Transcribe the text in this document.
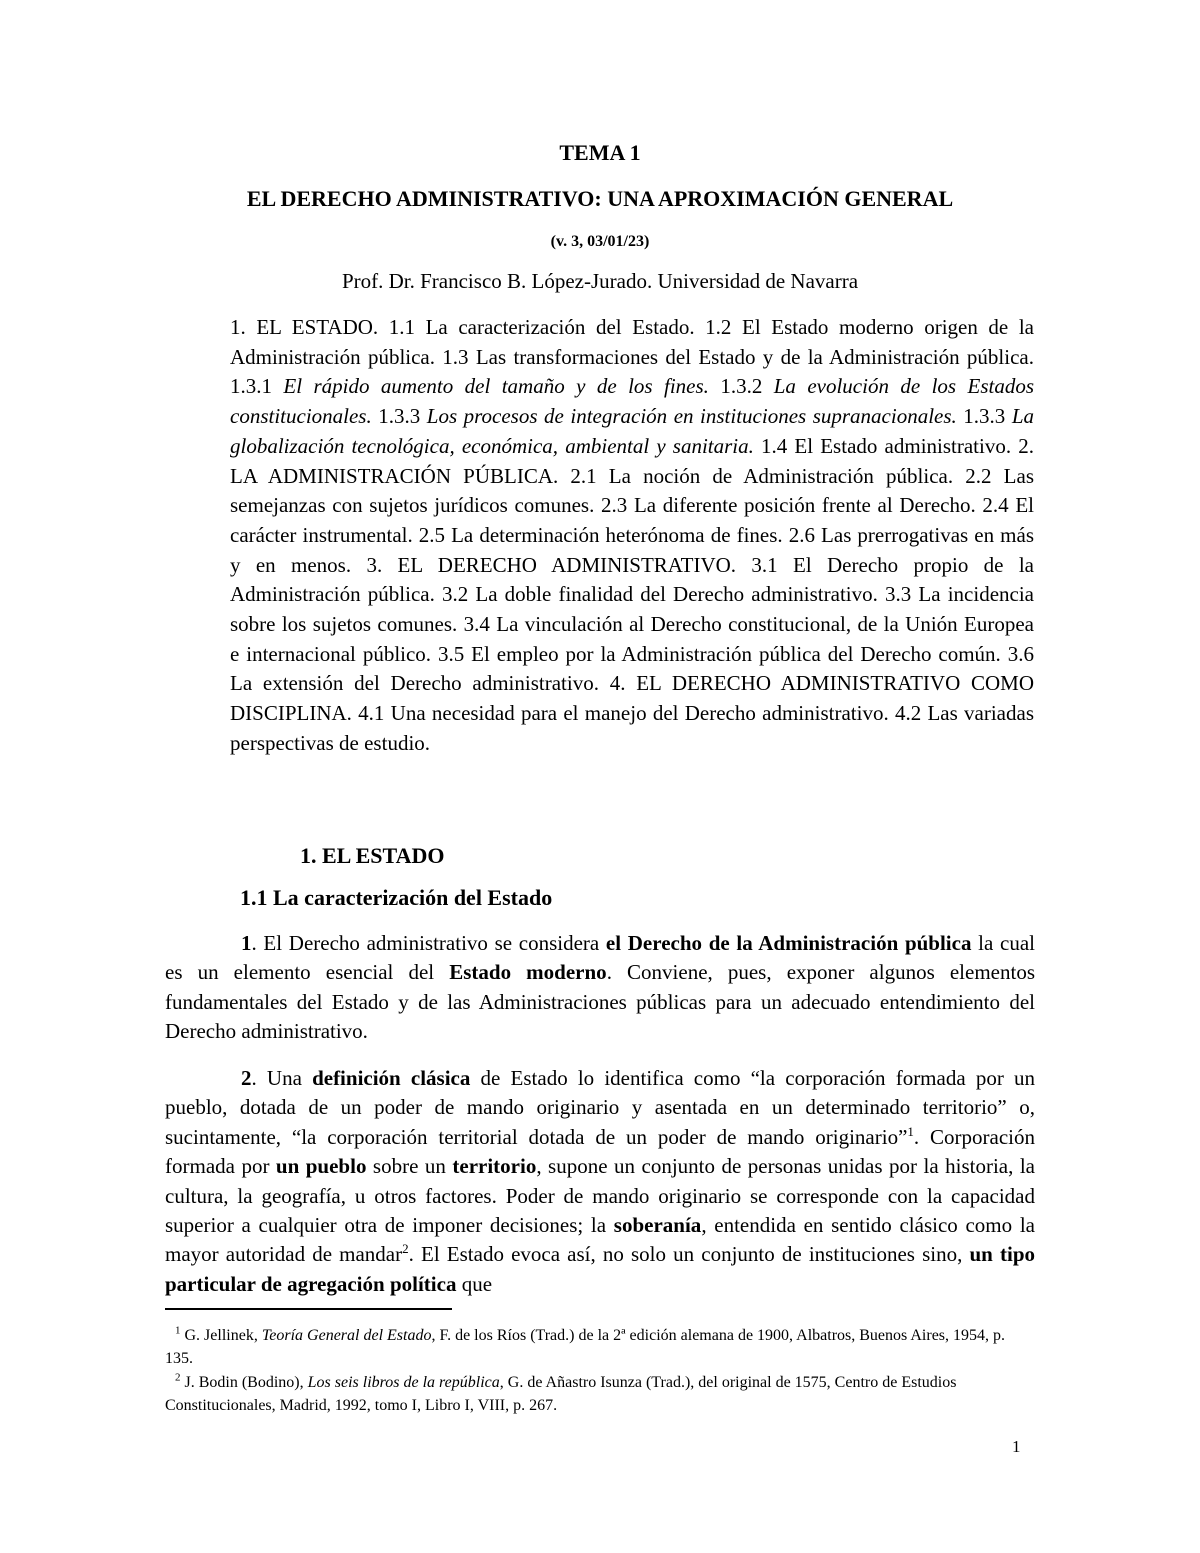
TEMA 1

EL DERECHO ADMINISTRATIVO: UNA APROXIMACIÓN GENERAL

(v. 3, 03/01/23)

Prof. Dr. Francisco B. López-Jurado. Universidad de Navarra

1. EL ESTADO. 1.1 La caracterización del Estado. 1.2 El Estado moderno origen de la Administración pública. 1.3 Las transformaciones del Estado y de la Administración pública. 1.3.1 El rápido aumento del tamaño y de los fines. 1.3.2 La evolución de los Estados constitucionales. 1.3.3 Los procesos de integración en instituciones supranacionales. 1.3.3 La globalización tecnológica, económica, ambiental y sanitaria. 1.4 El Estado administrativo. 2. LA ADMINISTRACIÓN PÚBLICA. 2.1 La noción de Administración pública. 2.2 Las semejanzas con sujetos jurídicos comunes. 2.3 La diferente posición frente al Derecho. 2.4 El carácter instrumental. 2.5 La determinación heterónoma de fines. 2.6 Las prerrogativas en más y en menos. 3. EL DERECHO ADMINISTRATIVO. 3.1 El Derecho propio de la Administración pública. 3.2 La doble finalidad del Derecho administrativo. 3.3 La incidencia sobre los sujetos comunes. 3.4 La vinculación al Derecho constitucional, de la Unión Europea e internacional público. 3.5 El empleo por la Administración pública del Derecho común. 3.6 La extensión del Derecho administrativo. 4. EL DERECHO ADMINISTRATIVO COMO DISCIPLINA. 4.1 Una necesidad para el manejo del Derecho administrativo. 4.2 Las variadas perspectivas de estudio.

1. EL ESTADO

1.1 La caracterización del Estado

1. El Derecho administrativo se considera el Derecho de la Administración pública la cual es un elemento esencial del Estado moderno. Conviene, pues, exponer algunos elementos fundamentales del Estado y de las Administraciones públicas para un adecuado entendimiento del Derecho administrativo.

2. Una definición clásica de Estado lo identifica como “la corporación formada por un pueblo, dotada de un poder de mando originario y asentada en un determinado territorio” o, sucintamente, “la corporación territorial dotada de un poder de mando originario”$^1$. Corporación formada por un pueblo sobre un territorio, supone un conjunto de personas unidas por la historia, la cultura, la geografía, u otros factores. Poder de mando originario se corresponde con la capacidad superior a cualquier otra de imponer decisiones; la soberanía, entendida en sentido clásico como la mayor autoridad de mandar$^2$. El Estado evoca así, no solo un conjunto de instituciones sino, un tipo particular de agregación política que

$^1$ G. Jellinek, Teoría General del Estado, F. de los Ríos (Trad.) de la 2ª edición alemana de 1900, Albatros, Buenos Aires, 1954, p. 135.

$^2$ J. Bodin (Bodino), Los seis libros de la república, G. de Añastro Isunza (Trad.), del original de 1575, Centro de Estudios Constitucionales, Madrid, 1992, tomo I, Libro I, VIII, p. 267.

1
